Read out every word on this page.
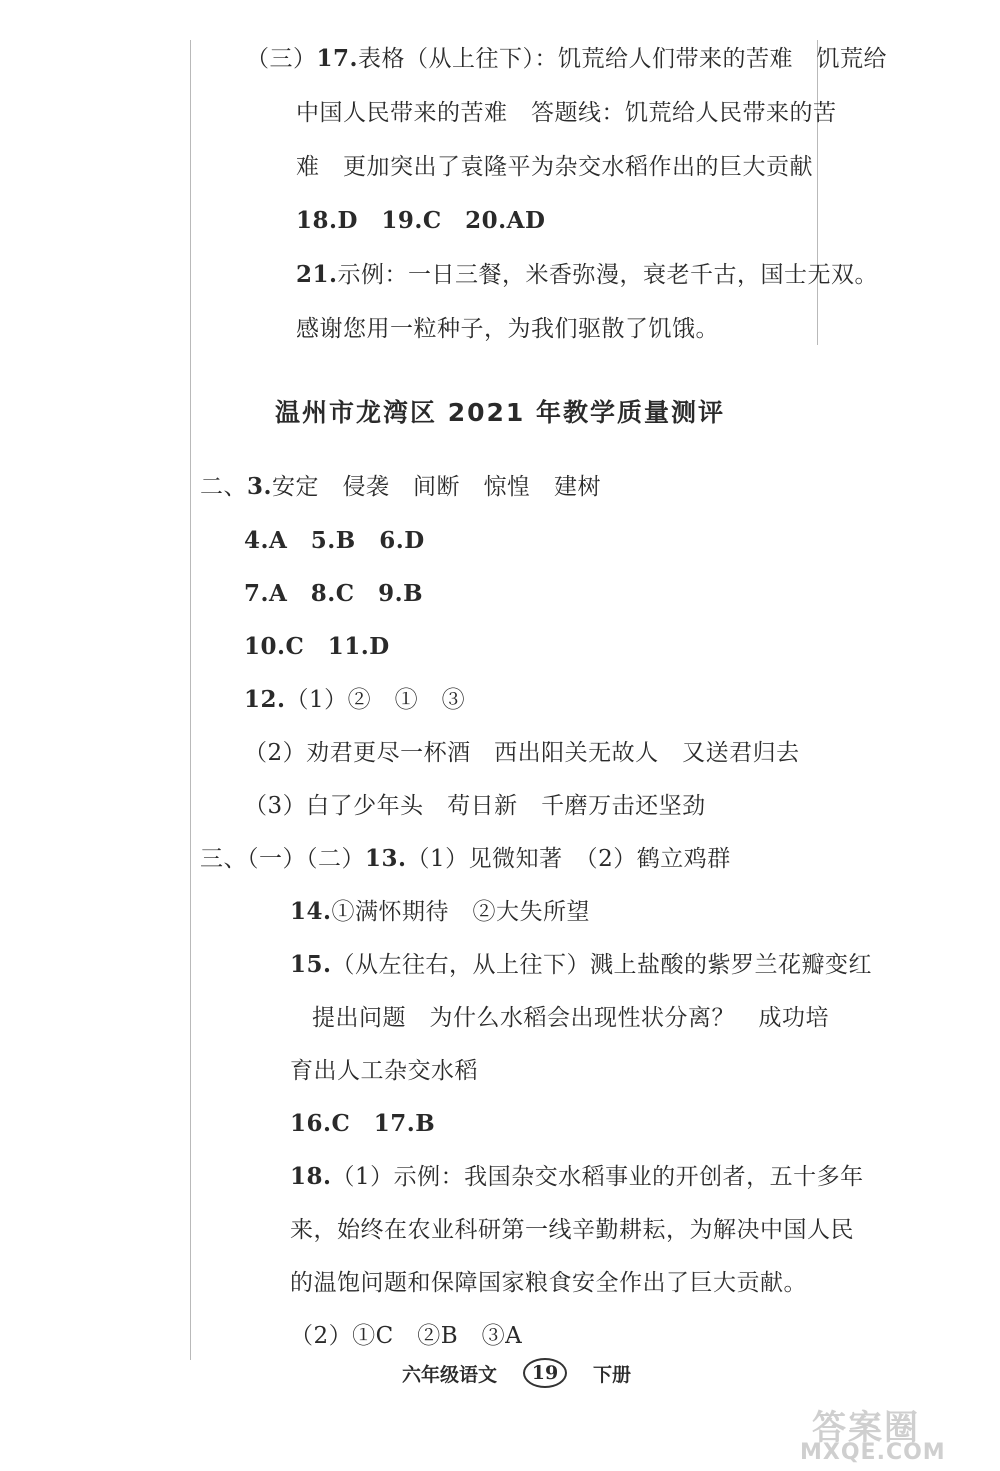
（三）17.表格（从上往下）：饥荒给人们带来的苦难　饥荒给
中国人民带来的苦难　答题线：饥荒给人民带来的苦
难　更加突出了袁隆平为杂交水稻作出的巨大贡献
18.D 19.C 20.AD
21.示例：一日三餐，米香弥漫，衰老千古，国士无双。
感谢您用一粒种子，为我们驱散了饥饿。
温州市龙湾区 2021 年教学质量测评
二、3.安定　侵袭　间断　惊惶　建树
4.A 5.B 6.D
7.A 8.C 9.B
10.C 11.D
12.（1）②　①　③
（2）劝君更尽一杯酒　西出阳关无故人　又送君归去
（3）白了少年头　苟日新　千磨万击还坚劲
三、（一）（二）13.（1）见微知著　（2）鹤立鸡群
14.①满怀期待　②大失所望
15.（从左往右，从上往下）溅上盐酸的紫罗兰花瓣变红
提出问题　为什么水稻会出现性状分离？　成功培
育出人工杂交水稻
16.C 17.B
18.（1）示例：我国杂交水稻事业的开创者，五十多年
来，始终在农业科研第一线辛勤耕耘，为解决中国人民
的温饱问题和保障国家粮食安全作出了巨大贡献。
（2）①C　②B　③A
六年级语文	19	下册
答案圈
MXQE.COM
